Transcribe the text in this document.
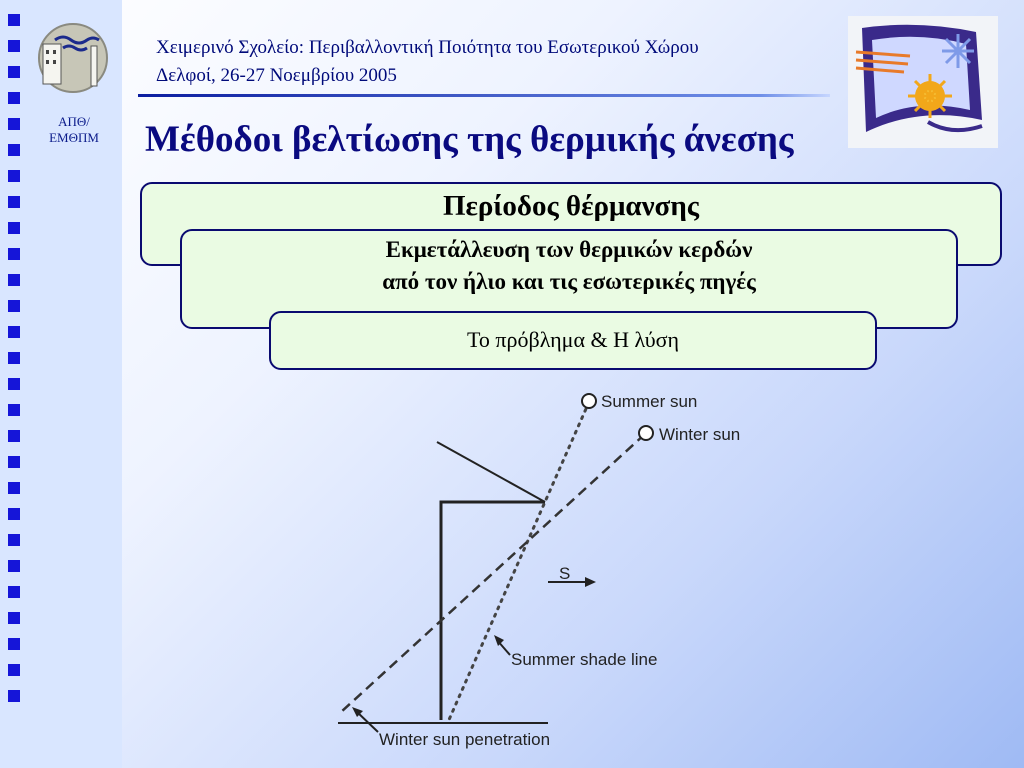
ΑΠΘ/
ΕΜΘΠΜ
Χειμερινό Σχολείο: Περιβαλλοντική Ποιότητα του Εσωτερικού Χώρου
Δελφοί, 26-27 Νοεμβρίου 2005
Μέθοδοι βελτίωσης της θερμικής άνεσης
Περίοδος θέρμανσης
Εκμετάλλευση των θερμικών κερδών
από τον ήλιο και τις εσωτερικές πηγές
Το πρόβλημα & Η λύση
Summer sun
Winter sun
S
Summer shade line
Winter sun penetration
